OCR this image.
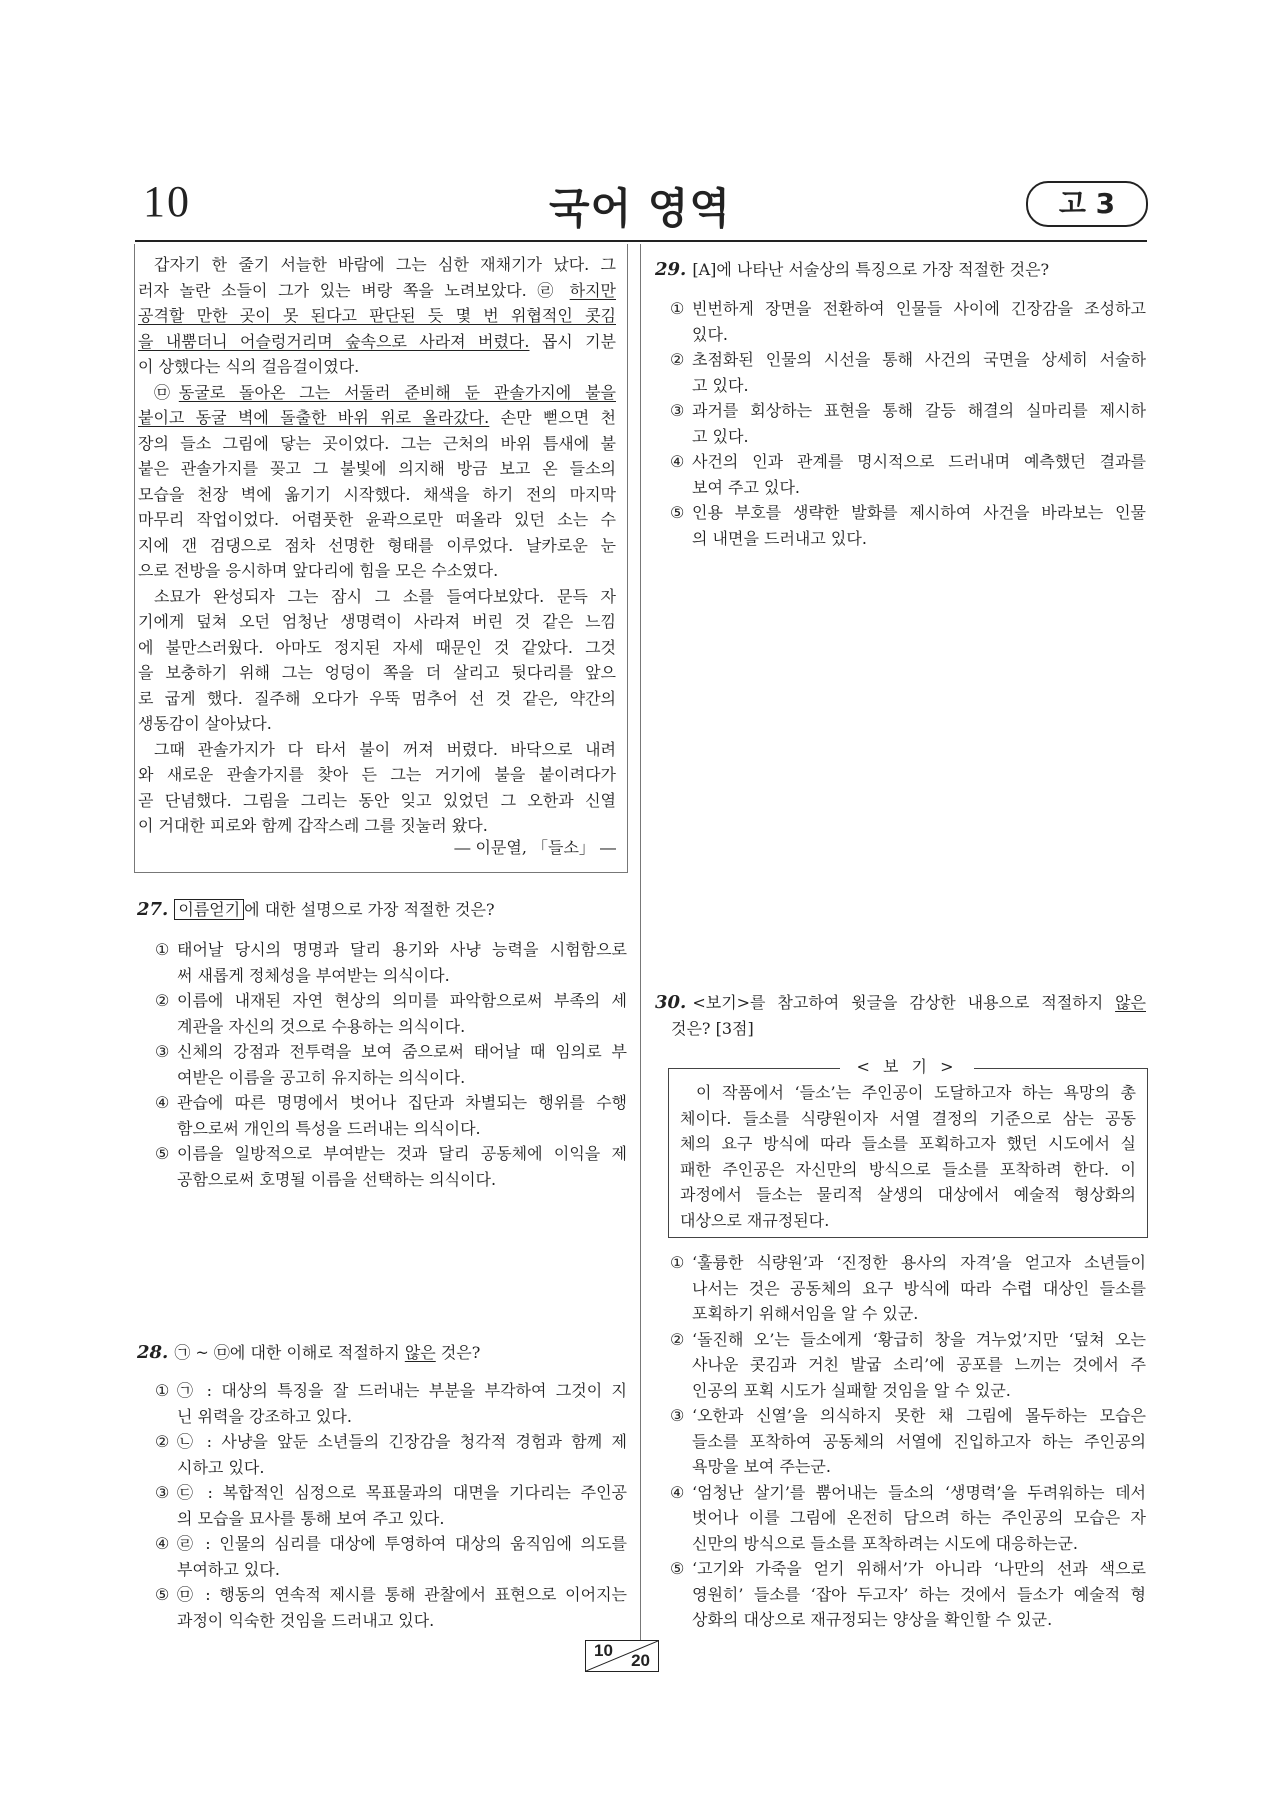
10	국어 영역	고 3
갑자기 한 줄기 서늘한 바람에 그는 심한 재채기가 났다. 그
러자 놀란 소들이 그가 있는 벼랑 쪽을 노려보았다. ㉣ 하지만
공격할 만한 곳이 못 된다고 판단된 듯 몇 번 위협적인 콧김
을 내뿜더니 어슬렁거리며 숲속으로 사라져 버렸다. 몹시 기분
이 상했다는 식의 걸음걸이였다.
㉤동굴로 돌아온 그는 서둘러 준비해 둔 관솔가지에 불을
붙이고 동굴 벽에 돌출한 바위 위로 올라갔다. 손만 뻗으면 천
장의 들소 그림에 닿는 곳이었다. 그는 근처의 바위 틈새에 불
붙은 관솔가지를 꽂고 그 불빛에 의지해 방금 보고 온 들소의
모습을 천장 벽에 옮기기 시작했다. 채색을 하기 전의 마지막
마무리 작업이었다. 어렴풋한 윤곽으로만 떠올라 있던 소는 수
지에 갠 검댕으로 점차 선명한 형태를 이루었다. 날카로운 눈
으로 전방을 응시하며 앞다리에 힘을 모은 수소였다.
소묘가 완성되자 그는 잠시 그 소를 들여다보았다. 문득 자
기에게 덮쳐 오던 엄청난 생명력이 사라져 버린 것 같은 느낌
에 불만스러웠다. 아마도 정지된 자세 때문인 것 같았다. 그것
을 보충하기 위해 그는 엉덩이 쪽을 더 살리고 뒷다리를 앞으
로 굽게 했다. 질주해 오다가 우뚝 멈추어 선 것 같은, 약간의
생동감이 살아났다.
그때 관솔가지가 다 타서 불이 꺼져 버렸다. 바닥으로 내려
와 새로운 관솔가지를 찾아 든 그는 거기에 불을 붙이려다가
곧 단념했다. 그림을 그리는 동안 잊고 있었던 그 오한과 신열
이 거대한 피로와 함께 갑작스레 그를 짓눌러 왔다.
― 이문열, 「들소」 ―
27. 이름얻기 에 대한 설명으로 가장 적절한 것은?
① 태어날 당시의 명명과 달리 용기와 사냥 능력을 시험함으로
써 새롭게 정체성을 부여받는 의식이다.
② 이름에 내재된 자연 현상의 의미를 파악함으로써 부족의 세
계관을 자신의 것으로 수용하는 의식이다.
③ 신체의 강점과 전투력을 보여 줌으로써 태어날 때 임의로 부
여받은 이름을 공고히 유지하는 의식이다.
④ 관습에 따른 명명에서 벗어나 집단과 차별되는 행위를 수행
함으로써 개인의 특성을 드러내는 의식이다.
⑤ 이름을 일방적으로 부여받는 것과 달리 공동체에 이익을 제
공함으로써 호명될 이름을 선택하는 의식이다.
28. ㉠ ~ ㉤에 대한 이해로 적절하지 않은 것은?
① ㉠ : 대상의 특징을 잘 드러내는 부분을 부각하여 그것이 지
닌 위력을 강조하고 있다.
② ㉡ : 사냥을 앞둔 소년들의 긴장감을 청각적 경험과 함께 제
시하고 있다.
③ ㉢ : 복합적인 심정으로 목표물과의 대면을 기다리는 주인공
의 모습을 묘사를 통해 보여 주고 있다.
④ ㉣ : 인물의 심리를 대상에 투영하여 대상의 움직임에 의도를
부여하고 있다.
⑤ ㉤ : 행동의 연속적 제시를 통해 관찰에서 표현으로 이어지는
과정이 익숙한 것임을 드러내고 있다.
29. [A]에 나타난 서술상의 특징으로 가장 적절한 것은?
① 빈번하게 장면을 전환하여 인물들 사이에 긴장감을 조성하고
있다.
② 초점화된 인물의 시선을 통해 사건의 국면을 상세히 서술하
고 있다.
③ 과거를 회상하는 표현을 통해 갈등 해결의 실마리를 제시하
고 있다.
④ 사건의 인과 관계를 명시적으로 드러내며 예측했던 결과를
보여 주고 있다.
⑤ 인용 부호를 생략한 발화를 제시하여 사건을 바라보는 인물
의 내면을 드러내고 있다.
30. <보기>를 참고하여 윗글을 감상한 내용으로 적절하지 않은
것은? [3점]
< 보 기 >
이 작품에서 ‘들소’는 주인공이 도달하고자 하는 욕망의 총
체이다. 들소를 식량원이자 서열 결정의 기준으로 삼는 공동
체의 요구 방식에 따라 들소를 포획하고자 했던 시도에서 실
패한 주인공은 자신만의 방식으로 들소를 포착하려 한다. 이
과정에서 들소는 물리적 살생의 대상에서 예술적 형상화의
대상으로 재규정된다.
① ‘훌륭한 식량원’과 ‘진정한 용사의 자격’을 얻고자 소년들이
나서는 것은 공동체의 요구 방식에 따라 수렵 대상인 들소를
포획하기 위해서임을 알 수 있군.
② ‘돌진해 오’는 들소에게 ‘황급히 창을 겨누었’지만 ‘덮쳐 오는
사나운 콧김과 거친 발굽 소리’에 공포를 느끼는 것에서 주
인공의 포획 시도가 실패할 것임을 알 수 있군.
③ ‘오한과 신열’을 의식하지 못한 채 그림에 몰두하는 모습은
들소를 포착하여 공동체의 서열에 진입하고자 하는 주인공의
욕망을 보여 주는군.
④ ‘엄청난 살기’를 뿜어내는 들소의 ‘생명력’을 두려워하는 데서
벗어나 이를 그림에 온전히 담으려 하는 주인공의 모습은 자
신만의 방식으로 들소를 포착하려는 시도에 대응하는군.
⑤ ‘고기와 가죽을 얻기 위해서’가 아니라 ‘나만의 선과 색으로
영원히’ 들소를 ‘잡아 두고자’ 하는 것에서 들소가 예술적 형
상화의 대상으로 재규정되는 양상을 확인할 수 있군.
10
20
